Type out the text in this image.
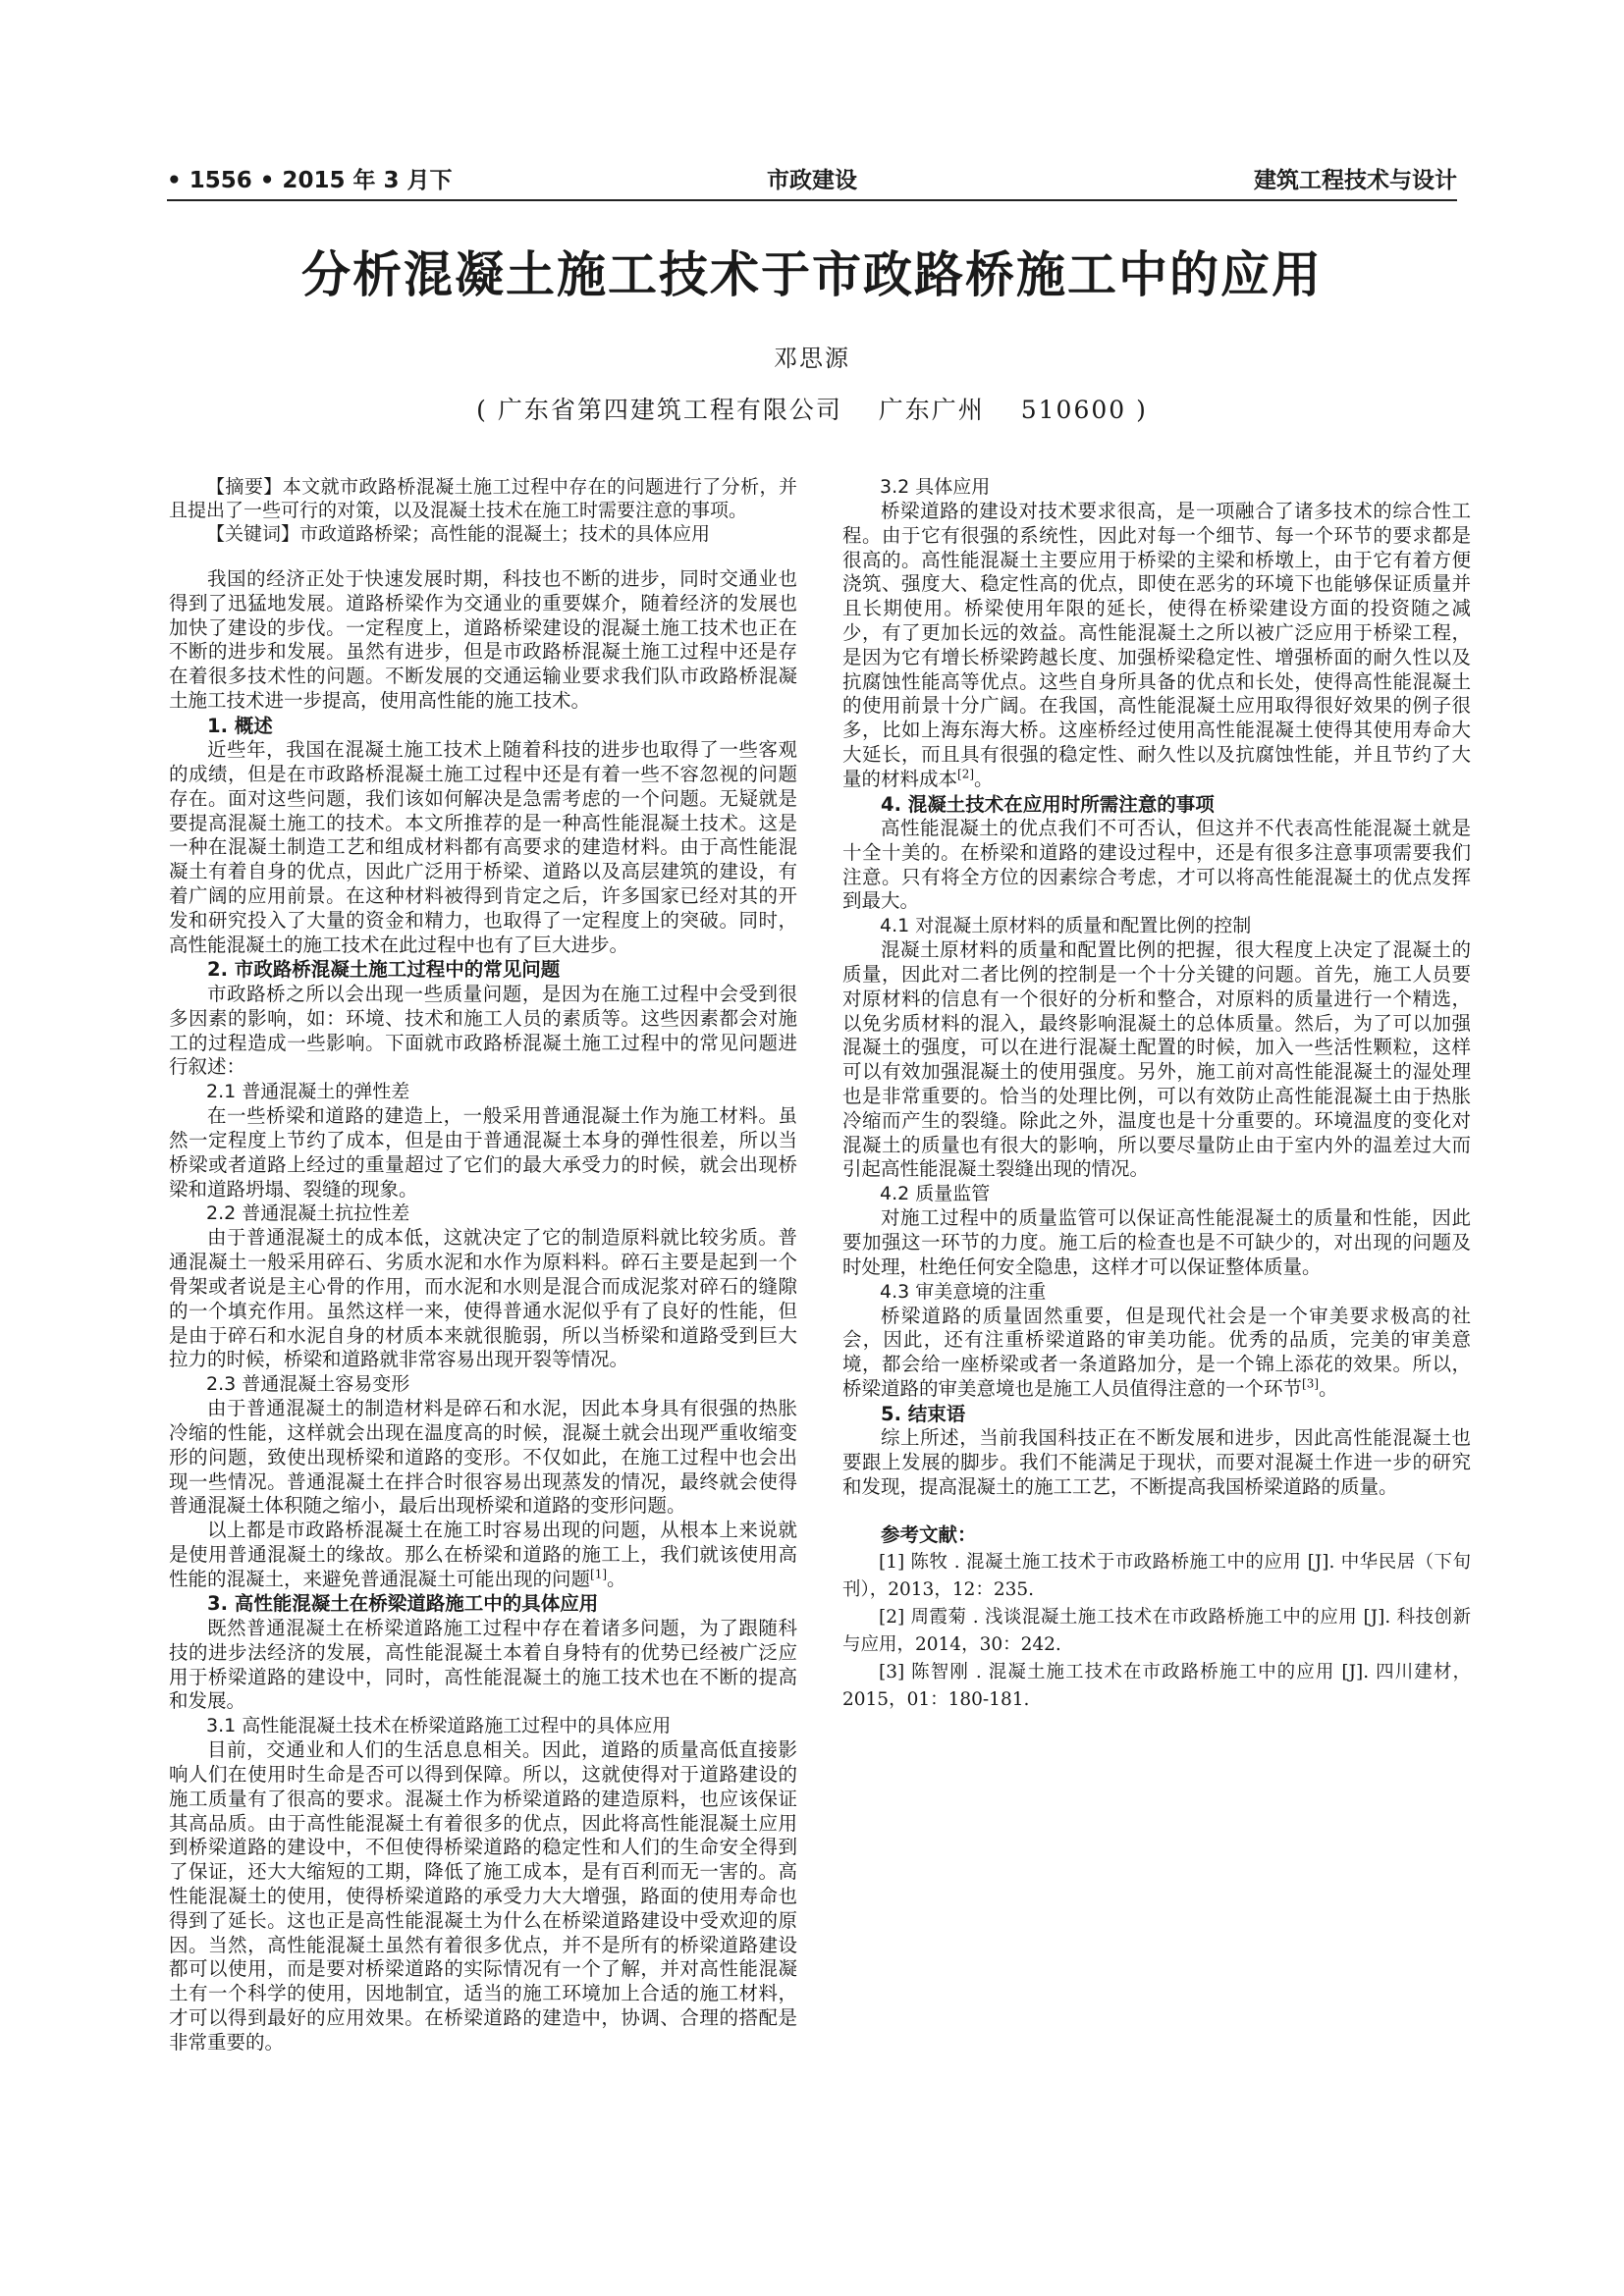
• 1556 • 2015 年 3 月下	市政建设	建筑工程技术与设计
分析混凝土施工技术于市政路桥施工中的应用
邓思源
( 广东省第四建筑工程有限公司　 广东广州　 510600 )

【摘要】本文就市政路桥混凝土施工过程中存在的问题进行了分析，并且提出了一些可行的对策，以及混凝土技术在施工时需要注意的事项。

【关键词】市政道路桥梁；高性能的混凝土；技术的具体应用

我国的经济正处于快速发展时期，科技也不断的进步，同时交通业也得到了迅猛地发展。道路桥梁作为交通业的重要媒介，随着经济的发展也加快了建设的步伐。一定程度上，道路桥梁建设的混凝土施工技术也正在不断的进步和发展。虽然有进步，但是市政路桥混凝土施工过程中还是存在着很多技术性的问题。不断发展的交通运输业要求我们队市政路桥混凝土施工技术进一步提高，使用高性能的施工技术。

1. 概述

近些年，我国在混凝土施工技术上随着科技的进步也取得了一些客观的成绩，但是在市政路桥混凝土施工过程中还是有着一些不容忽视的问题存在。面对这些问题，我们该如何解决是急需考虑的一个问题。无疑就是要提高混凝土施工的技术。本文所推荐的是一种高性能混凝土技术。这是一种在混凝土制造工艺和组成材料都有高要求的建造材料。由于高性能混凝土有着自身的优点，因此广泛用于桥梁、道路以及高层建筑的建设，有着广阔的应用前景。在这种材料被得到肯定之后，许多国家已经对其的开发和研究投入了大量的资金和精力，也取得了一定程度上的突破。同时，高性能混凝土的施工技术在此过程中也有了巨大进步。

2. 市政路桥混凝土施工过程中的常见问题

市政路桥之所以会出现一些质量问题，是因为在施工过程中会受到很多因素的影响，如：环境、技术和施工人员的素质等。这些因素都会对施工的过程造成一些影响。下面就市政路桥混凝土施工过程中的常见问题进行叙述：

2.1 普通混凝土的弹性差

在一些桥梁和道路的建造上，一般采用普通混凝土作为施工材料。虽然一定程度上节约了成本，但是由于普通混凝土本身的弹性很差，所以当桥梁或者道路上经过的重量超过了它们的最大承受力的时候，就会出现桥梁和道路坍塌、裂缝的现象。

2.2 普通混凝土抗拉性差

由于普通混凝土的成本低，这就决定了它的制造原料就比较劣质。普通混凝土一般采用碎石、劣质水泥和水作为原料料。碎石主要是起到一个骨架或者说是主心骨的作用，而水泥和水则是混合而成泥浆对碎石的缝隙的一个填充作用。虽然这样一来，使得普通水泥似乎有了良好的性能，但是由于碎石和水泥自身的材质本来就很脆弱，所以当桥梁和道路受到巨大拉力的时候，桥梁和道路就非常容易出现开裂等情况。

2.3 普通混凝土容易变形

由于普通混凝土的制造材料是碎石和水泥，因此本身具有很强的热胀冷缩的性能，这样就会出现在温度高的时候，混凝土就会出现严重收缩变形的问题，致使出现桥梁和道路的变形。不仅如此，在施工过程中也会出现一些情况。普通混凝土在拌合时很容易出现蒸发的情况，最终就会使得普通混凝土体积随之缩小，最后出现桥梁和道路的变形问题。

以上都是市政路桥混凝土在施工时容易出现的问题，从根本上来说就是使用普通混凝土的缘故。那么在桥梁和道路的施工上，我们就该使用高性能的混凝土，来避免普通混凝土可能出现的问题[1]。

3. 高性能混凝土在桥梁道路施工中的具体应用

既然普通混凝土在桥梁道路施工过程中存在着诸多问题，为了跟随科技的进步法经济的发展，高性能混凝土本着自身特有的优势已经被广泛应用于桥梁道路的建设中，同时，高性能混凝土的施工技术也在不断的提高和发展。

3.1 高性能混凝土技术在桥梁道路施工过程中的具体应用

目前，交通业和人们的生活息息相关。因此，道路的质量高低直接影响人们在使用时生命是否可以得到保障。所以，这就使得对于道路建设的施工质量有了很高的要求。混凝土作为桥梁道路的建造原料，也应该保证其高品质。由于高性能混凝土有着很多的优点，因此将高性能混凝土应用到桥梁道路的建设中，不但使得桥梁道路的稳定性和人们的生命安全得到了保证，还大大缩短的工期，降低了施工成本，是有百利而无一害的。高性能混凝土的使用，使得桥梁道路的承受力大大增强，路面的使用寿命也得到了延长。这也正是高性能混凝土为什么在桥梁道路建设中受欢迎的原因。当然，高性能混凝土虽然有着很多优点，并不是所有的桥梁道路建设都可以使用，而是要对桥梁道路的实际情况有一个了解，并对高性能混凝土有一个科学的使用，因地制宜，适当的施工环境加上合适的施工材料，才可以得到最好的应用效果。在桥梁道路的建造中，协调、合理的搭配是非常重要的。

3.2 具体应用

桥梁道路的建设对技术要求很高，是一项融合了诸多技术的综合性工程。由于它有很强的系统性，因此对每一个细节、每一个环节的要求都是很高的。高性能混凝土主要应用于桥梁的主梁和桥墩上，由于它有着方便浇筑、强度大、稳定性高的优点，即使在恶劣的环境下也能够保证质量并且长期使用。桥梁使用年限的延长，使得在桥梁建设方面的投资随之减少，有了更加长远的效益。高性能混凝土之所以被广泛应用于桥梁工程，是因为它有增长桥梁跨越长度、加强桥梁稳定性、增强桥面的耐久性以及抗腐蚀性能高等优点。这些自身所具备的优点和长处，使得高性能混凝土的使用前景十分广阔。在我国，高性能混凝土应用取得很好效果的例子很多，比如上海东海大桥。这座桥经过使用高性能混凝土使得其使用寿命大大延长，而且具有很强的稳定性、耐久性以及抗腐蚀性能，并且节约了大量的材料成本[2]。

4. 混凝土技术在应用时所需注意的事项

高性能混凝土的优点我们不可否认，但这并不代表高性能混凝土就是十全十美的。在桥梁和道路的建设过程中，还是有很多注意事项需要我们注意。只有将全方位的因素综合考虑，才可以将高性能混凝土的优点发挥到最大。

4.1 对混凝土原材料的质量和配置比例的控制

混凝土原材料的质量和配置比例的把握，很大程度上决定了混凝土的质量，因此对二者比例的控制是一个十分关键的问题。首先，施工人员要对原材料的信息有一个很好的分析和整合，对原料的质量进行一个精选，以免劣质材料的混入，最终影响混凝土的总体质量。然后，为了可以加强混凝土的强度，可以在进行混凝土配置的时候，加入一些活性颗粒，这样可以有效加强混凝土的使用强度。另外，施工前对高性能混凝土的湿处理也是非常重要的。恰当的处理比例，可以有效防止高性能混凝土由于热胀冷缩而产生的裂缝。除此之外，温度也是十分重要的。环境温度的变化对混凝土的质量也有很大的影响，所以要尽量防止由于室内外的温差过大而引起高性能混凝土裂缝出现的情况。

4.2 质量监管

对施工过程中的质量监管可以保证高性能混凝土的质量和性能，因此要加强这一环节的力度。施工后的检查也是不可缺少的，对出现的问题及时处理，杜绝任何安全隐患，这样才可以保证整体质量。

4.3 审美意境的注重

桥梁道路的质量固然重要，但是现代社会是一个审美要求极高的社会，因此，还有注重桥梁道路的审美功能。优秀的品质，完美的审美意境，都会给一座桥梁或者一条道路加分，是一个锦上添花的效果。所以，桥梁道路的审美意境也是施工人员值得注意的一个环节[3]。

5. 结束语

综上所述，当前我国科技正在不断发展和进步，因此高性能混凝土也要跟上发展的脚步。我们不能满足于现状，而要对混凝土作进一步的研究和发现，提高混凝土的施工工艺，不断提高我国桥梁道路的质量。

参考文献：

[1] 陈牧 . 混凝土施工技术于市政路桥施工中的应用 [J]. 中华民居（下旬刊），2013，12：235.

[2] 周霞菊 . 浅谈混凝土施工技术在市政路桥施工中的应用 [J]. 科技创新与应用，2014，30：242.

[3] 陈智刚 . 混凝土施工技术在市政路桥施工中的应用 [J]. 四川建材，2015，01：180-181.
